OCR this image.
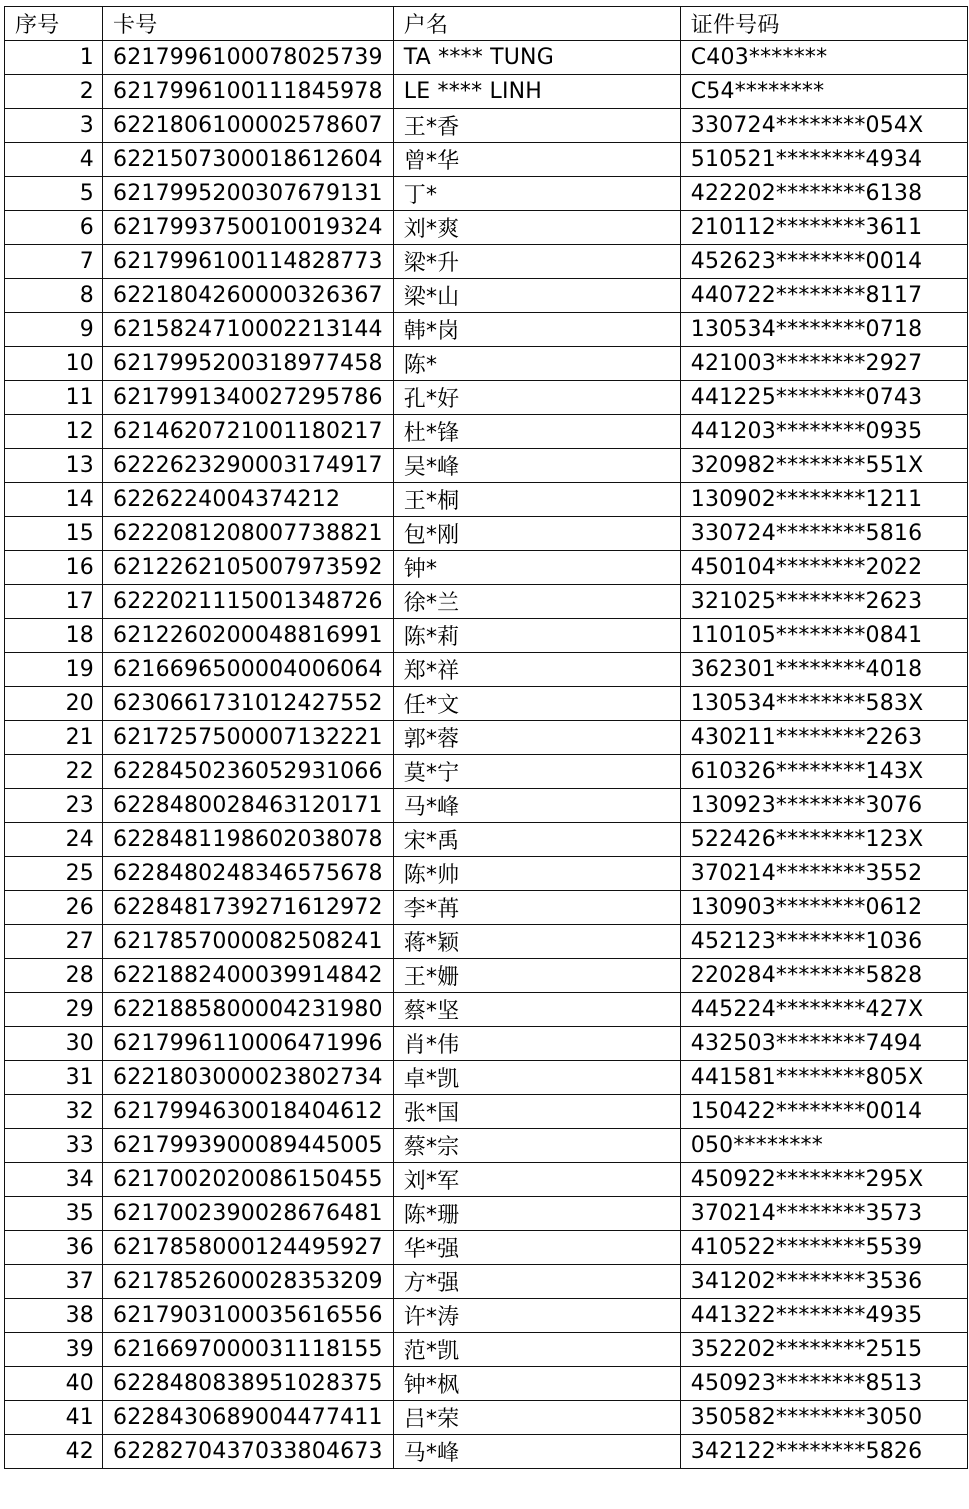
序号	卡号	户名	证件号码
1	6217996100078025739	TA **** TUNG	C403*******
2	6217996100111845978	LE **** LINH	C54********
3	6221806100002578607	王*香	330724********054X
4	6221507300018612604	曾*华	510521********4934
5	6217995200307679131	丁*	422202********6138
6	6217993750010019324	刘*爽	210112********3611
7	6217996100114828773	梁*升	452623********0014
8	6221804260000326367	梁*山	440722********8117
9	6215824710002213144	韩*岗	130534********0718
10	6217995200318977458	陈*	421003********2927
11	6217991340027295786	孔*好	441225********0743
12	6214620721001180217	杜*锋	441203********0935
13	6222623290003174917	吴*峰	320982********551X
14	6226224004374212	王*桐	130902********1211
15	6222081208007738821	包*刚	330724********5816
16	6212262105007973592	钟*	450104********2022
17	6222021115001348726	徐*兰	321025********2623
18	6212260200048816991	陈*莉	110105********0841
19	6216696500004006064	郑*祥	362301********4018
20	6230661731012427552	任*文	130534********583X
21	6217257500007132221	郭*蓉	430211********2263
22	6228450236052931066	莫*宁	610326********143X
23	6228480028463120171	马*峰	130923********3076
24	6228481198602038078	宋*禹	522426********123X
25	6228480248346575678	陈*帅	370214********3552
26	6228481739271612972	李*苒	130903********0612
27	6217857000082508241	蒋*颖	452123********1036
28	6221882400039914842	王*姗	220284********5828
29	6221885800004231980	蔡*坚	445224********427X
30	6217996110006471996	肖*伟	432503********7494
31	6221803000023802734	卓*凯	441581********805X
32	6217994630018404612	张*国	150422********0014
33	6217993900089445005	蔡*宗	050********
34	6217002020086150455	刘*军	450922********295X
35	6217002390028676481	陈*珊	370214********3573
36	6217858000124495927	华*强	410522********5539
37	6217852600028353209	方*强	341202********3536
38	6217903100035616556	许*涛	441322********4935
39	6216697000031118155	范*凯	352202********2515
40	6228480838951028375	钟*枫	450923********8513
41	6228430689004477411	吕*荣	350582********3050
42	6228270437033804673	马*峰	342122********5826
